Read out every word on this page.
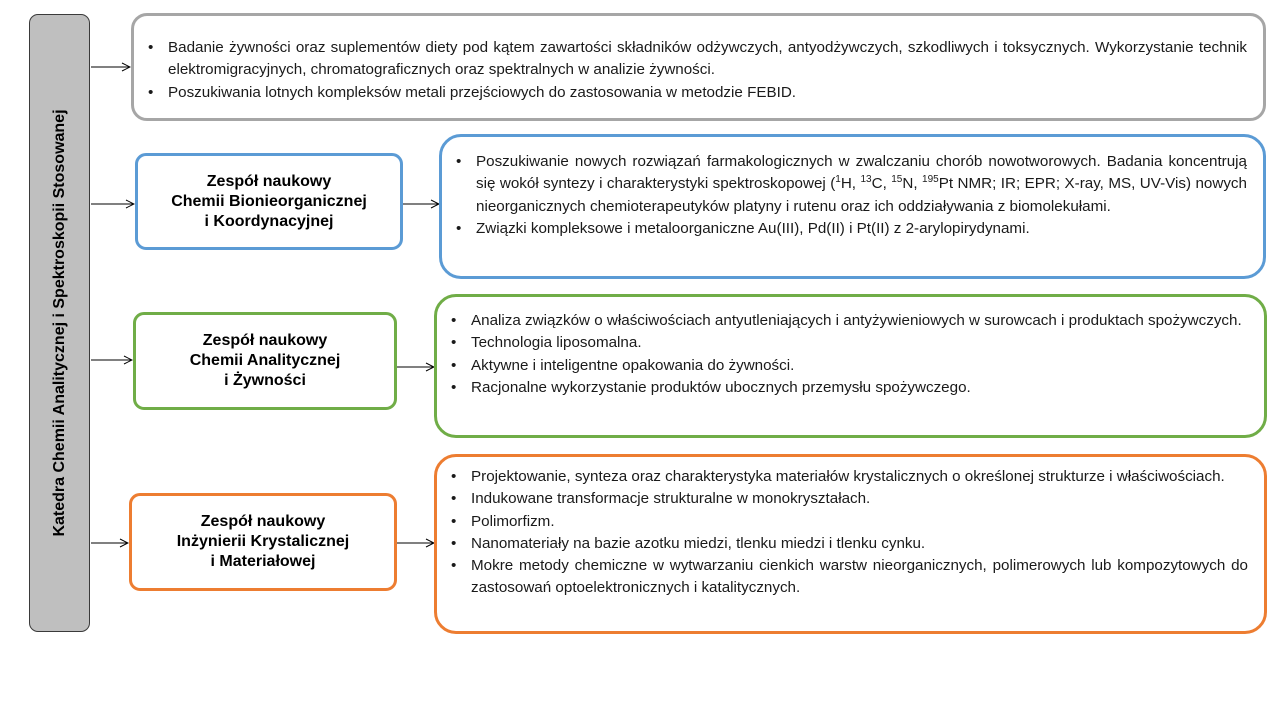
Katedra Chemii Analitycznej i Spektroskopii Stosowanej
• Badanie żywności oraz suplementów diety pod kątem zawartości składników odżywczych, antyodżywczych, szkodliwych i toksycznych. Wykorzystanie technik elektromigracyjnych, chromatograficznych oraz spektralnych w analizie żywności.
• Poszukiwania lotnych kompleksów metali przejściowych do zastosowania w metodzie FEBID.
Zespół naukowy
Chemii Bionieorganicznej
i Koordynacyjnej
• Poszukiwanie nowych rozwiązań farmakologicznych w zwalczaniu chorób nowotworowych. Badania koncentrują się wokół syntezy i charakterystyki spektroskopowej ($^1$H, $^{13}$C, $^{15}$N, $^{195}$Pt NMR; IR; EPR; X-ray, MS, UV-Vis) nowych nieorganicznych chemioterapeutyków platyny i rutenu oraz ich oddziaływania z biomolekułami.
• Związki kompleksowe i metaloorganiczne Au(III), Pd(II) i Pt(II) z 2-arylopirydynami.
Zespół naukowy
Chemii Analitycznej
i Żywności
• Analiza związków o właściwościach antyutleniających i antyżywieniowych w surowcach i produktach spożywczych.
• Technologia liposomalna.
• Aktywne i inteligentne opakowania do żywności.
• Racjonalne wykorzystanie produktów ubocznych przemysłu spożywczego.
Zespół naukowy
Inżynierii Krystalicznej
i Materiałowej
• Projektowanie, synteza oraz charakterystyka materiałów krystalicznych o określonej strukturze i właściwościach.
• Indukowane transformacje strukturalne w monokryształach.
• Polimorfizm.
• Nanomateriały na bazie azotku miedzi, tlenku miedzi i tlenku cynku.
• Mokre metody chemiczne w wytwarzaniu cienkich warstw nieorganicznych, polimerowych lub kompozytowych do zastosowań optoelektronicznych i katalitycznych.
